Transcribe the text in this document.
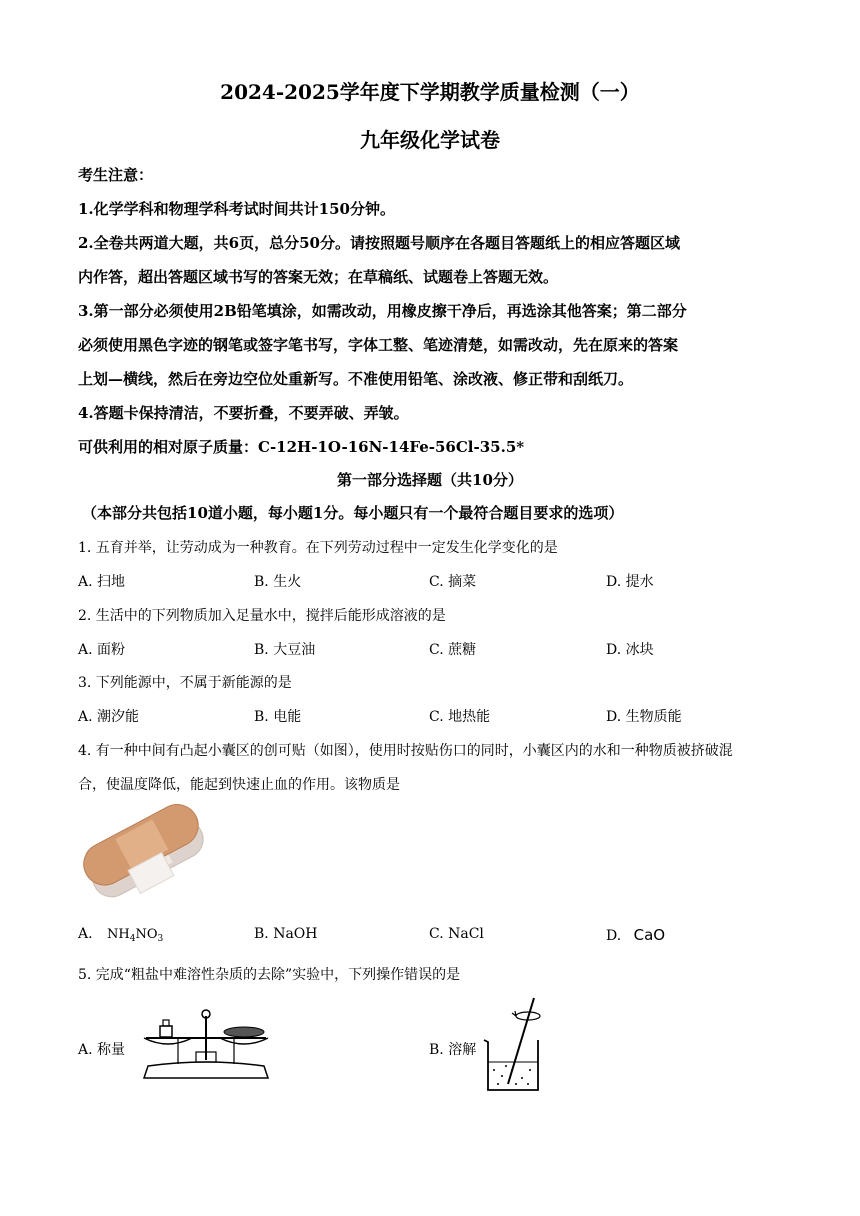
2024-2025学年度下学期教学质量检测（一）
九年级化学试卷
考生注意：
1.化学学科和物理学科考试时间共计150分钟。
2.全卷共两道大题，共6页，总分50分。请按照题号顺序在各题目答题纸上的相应答题区域
内作答，超出答题区域书写的答案无效；在草稿纸、试题卷上答题无效。
3.第一部分必须使用2B铅笔填涂，如需改动，用橡皮擦干净后，再选涂其他答案；第二部分
必须使用黑色字迹的钢笔或签字笔书写，字体工整、笔迹清楚，如需改动，先在原来的答案
上划—横线，然后在旁边空位处重新写。不准使用铅笔、涂改液、修正带和刮纸刀。
4.答题卡保持清洁，不要折叠，不要弄破、弄皱。
可供利用的相对原子质量：C-12H-1O-16N-14Fe-56Cl-35.5*
第一部分选择题（共10分）
（本部分共包括10道小题，每小题1分。每小题只有一个最符合题目要求的选项）
1. 五育并举，让劳动成为一种教育。在下列劳动过程中一定发生化学变化的是
A. 扫地	B. 生火	C. 摘菜	D. 提水
2. 生活中的下列物质加入足量水中，搅拌后能形成溶液的是
A. 面粉	B. 大豆油	C. 蔗糖	D. 冰块
3. 下列能源中，不属于新能源的是
A. 潮汐能	B. 电能	C. 地热能	D. 生物质能
4. 有一种中间有凸起小囊区的创可贴（如图），使用时按贴伤口的同时，小囊区内的水和一种物质被挤破混
合，使温度降低，能起到快速止血的作用。该物质是
A. $NH_4NO_3$	B. NaOH	C. NaCl	D. CaO
5. 完成“粗盐中难溶性杂质的去除”实验中，下列操作错误的是
A. 称量	B. 溶解
